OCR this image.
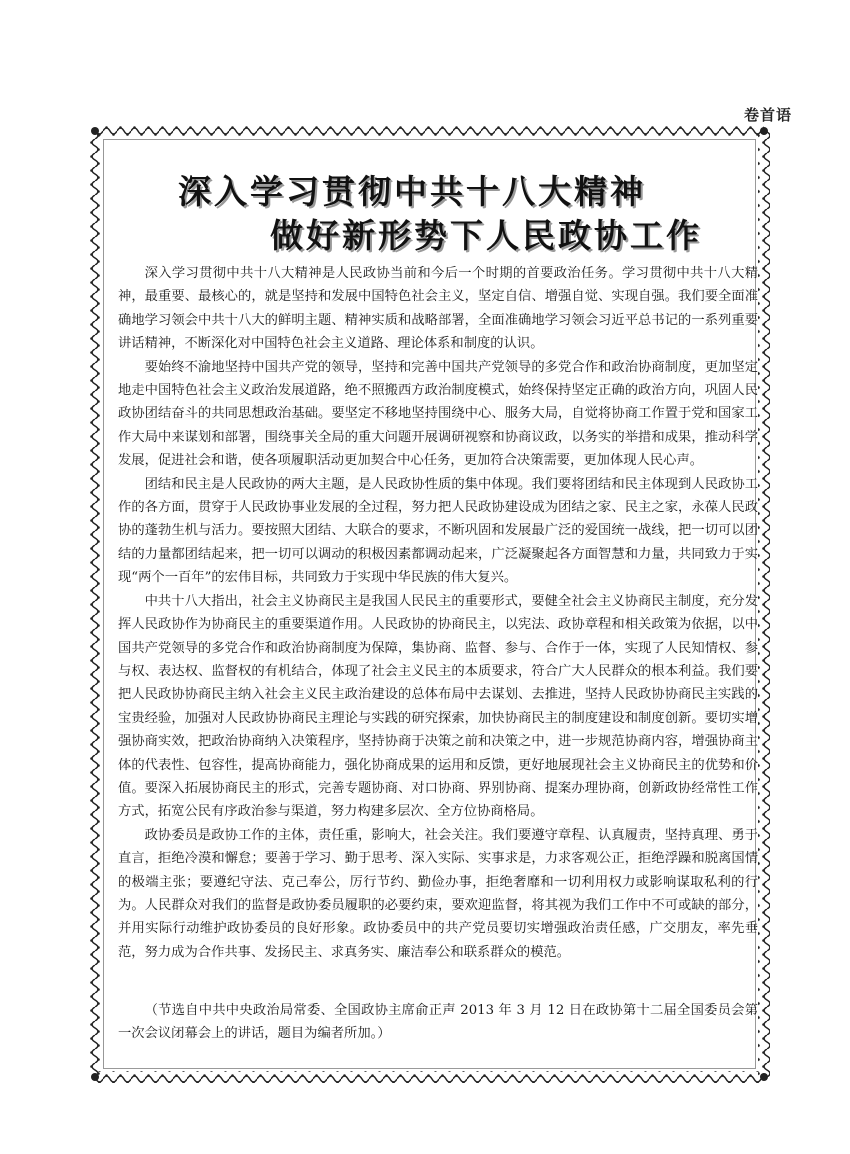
卷首语
深入学习贯彻中共十八大精神
做好新形势下人民政协工作

深入学习贯彻中共十八大精神是人民政协当前和今后一个时期的首要政治任务。学习贯彻中共十八大精神，最重要、最核心的，就是坚持和发展中国特色社会主义，坚定自信、增强自觉、实现自强。我们要全面准确地学习领会中共十八大的鲜明主题、精神实质和战略部署，全面准确地学习领会习近平总书记的一系列重要讲话精神，不断深化对中国特色社会主义道路、理论体系和制度的认识。

要始终不渝地坚持中国共产党的领导，坚持和完善中国共产党领导的多党合作和政治协商制度，更加坚定地走中国特色社会主义政治发展道路，绝不照搬西方政治制度模式，始终保持坚定正确的政治方向，巩固人民政协团结奋斗的共同思想政治基础。要坚定不移地坚持围绕中心、服务大局，自觉将协商工作置于党和国家工作大局中来谋划和部署，围绕事关全局的重大问题开展调研视察和协商议政，以务实的举措和成果，推动科学发展，促进社会和谐，使各项履职活动更加契合中心任务，更加符合决策需要，更加体现人民心声。

团结和民主是人民政协的两大主题，是人民政协性质的集中体现。我们要将团结和民主体现到人民政协工作的各方面，贯穿于人民政协事业发展的全过程，努力把人民政协建设成为团结之家、民主之家，永葆人民政协的蓬勃生机与活力。要按照大团结、大联合的要求，不断巩固和发展最广泛的爱国统一战线，把一切可以团结的力量都团结起来，把一切可以调动的积极因素都调动起来，广泛凝聚起各方面智慧和力量，共同致力于实现“两个一百年”的宏伟目标，共同致力于实现中华民族的伟大复兴。

中共十八大指出，社会主义协商民主是我国人民民主的重要形式，要健全社会主义协商民主制度，充分发挥人民政协作为协商民主的重要渠道作用。人民政协的协商民主，以宪法、政协章程和相关政策为依据，以中国共产党领导的多党合作和政治协商制度为保障，集协商、监督、参与、合作于一体，实现了人民知情权、参与权、表达权、监督权的有机结合，体现了社会主义民主的本质要求，符合广大人民群众的根本利益。我们要把人民政协协商民主纳入社会主义民主政治建设的总体布局中去谋划、去推进，坚持人民政协协商民主实践的宝贵经验，加强对人民政协协商民主理论与实践的研究探索，加快协商民主的制度建设和制度创新。要切实增强协商实效，把政治协商纳入决策程序，坚持协商于决策之前和决策之中，进一步规范协商内容，增强协商主体的代表性、包容性，提高协商能力，强化协商成果的运用和反馈，更好地展现社会主义协商民主的优势和价值。要深入拓展协商民主的形式，完善专题协商、对口协商、界别协商、提案办理协商，创新政协经常性工作方式，拓宽公民有序政治参与渠道，努力构建多层次、全方位协商格局。

政协委员是政协工作的主体，责任重，影响大，社会关注。我们要遵守章程、认真履责，坚持真理、勇于直言，拒绝冷漠和懈怠；要善于学习、勤于思考、深入实际、实事求是，力求客观公正，拒绝浮躁和脱离国情的极端主张；要遵纪守法、克己奉公，厉行节约、勤俭办事，拒绝奢靡和一切利用权力或影响谋取私利的行为。人民群众对我们的监督是政协委员履职的必要约束，要欢迎监督，将其视为我们工作中不可或缺的部分，并用实际行动维护政协委员的良好形象。政协委员中的共产党员要切实增强政治责任感，广交朋友，率先垂范，努力成为合作共事、发扬民主、求真务实、廉洁奉公和联系群众的模范。

（节选自中共中央政治局常委、全国政协主席俞正声 2013 年 3 月 12 日在政协第十二届全国委员会第一次会议闭幕会上的讲话，题目为编者所加。）
